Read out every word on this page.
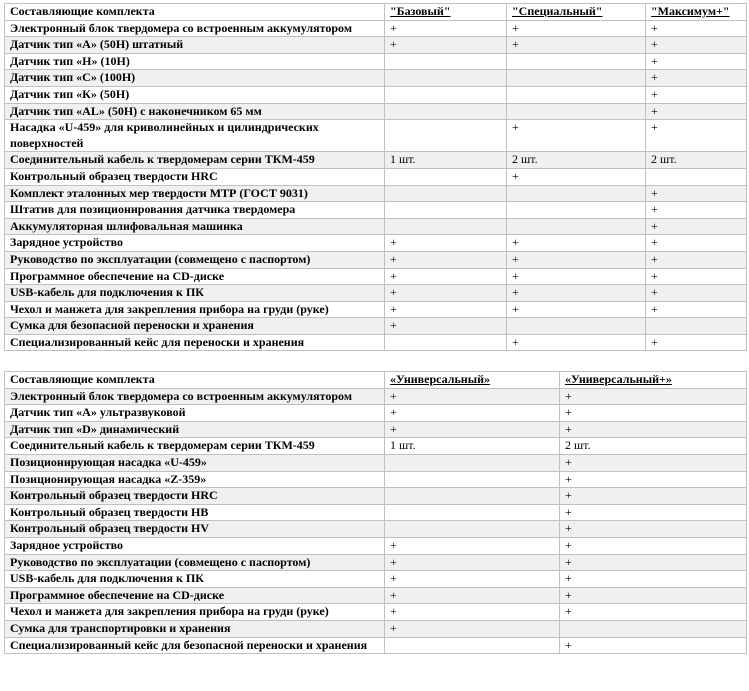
Составляющие комплекта	"Базовый"	"Специальный"	"Максимум+"
Электронный блок твердомера со встроенным аккумулятором	+	+	+
Датчик тип «А» (50Н) штатный	+	+	+
Датчик тип «Н» (10Н)			+
Датчик тип «С» (100Н)			+
Датчик тип «К» (50Н)			+
Датчик тип «AL» (50Н) с наконечником 65 мм			+
Насадка «U-459» для криволинейных и цилиндрических поверхностей		+	+
Соединительный кабель к твердомерам серии ТКМ-459	1 шт.	2 шт.	2 шт.
Контрольный образец твердости HRC		+	
Комплект эталонных мер твердости МТР (ГОСТ 9031)			+
Штатив для позиционирования датчика твердомера			+
Аккумуляторная шлифовальная машинка			+
Зарядное устройство	+	+	+
Руководство по эксплуатации (совмещено с паспортом)	+	+	+
Программное обеспечение на CD-диске	+	+	+
USB-кабель для подключения к ПК	+	+	+
Чехол и манжета для закрепления прибора на груди (руке)	+	+	+
Сумка для безопасной переноски и хранения	+		
Специализированный кейс для переноски и хранения		+	+
Составляющие комплекта	«Универсальный»	«Универсальный+»
Электронный блок твердомера со встроенным аккумулятором	+	+
Датчик тип «А» ультразвуковой	+	+
Датчик тип «D» динамический	+	+
Соединительный кабель к твердомерам серии ТКМ-459	1 шт.	2 шт.
Позиционирующая насадка «U-459»		+
Позиционирующая насадка «Z-359»		+
Контрольный образец твердости HRC		+
Контрольный образец твердости НВ		+
Контрольный образец твердости HV		+
Зарядное устройство	+	+
Руководство по эксплуатации (совмещено с паспортом)	+	+
USB-кабель для подключения к ПК	+	+
Программное обеспечение на CD-диске	+	+
Чехол и манжета для закрепления прибора на груди (руке)	+	+
Сумка для транспортировки и хранения	+	
Специализированный кейс для безопасной переноски и хранения		+
